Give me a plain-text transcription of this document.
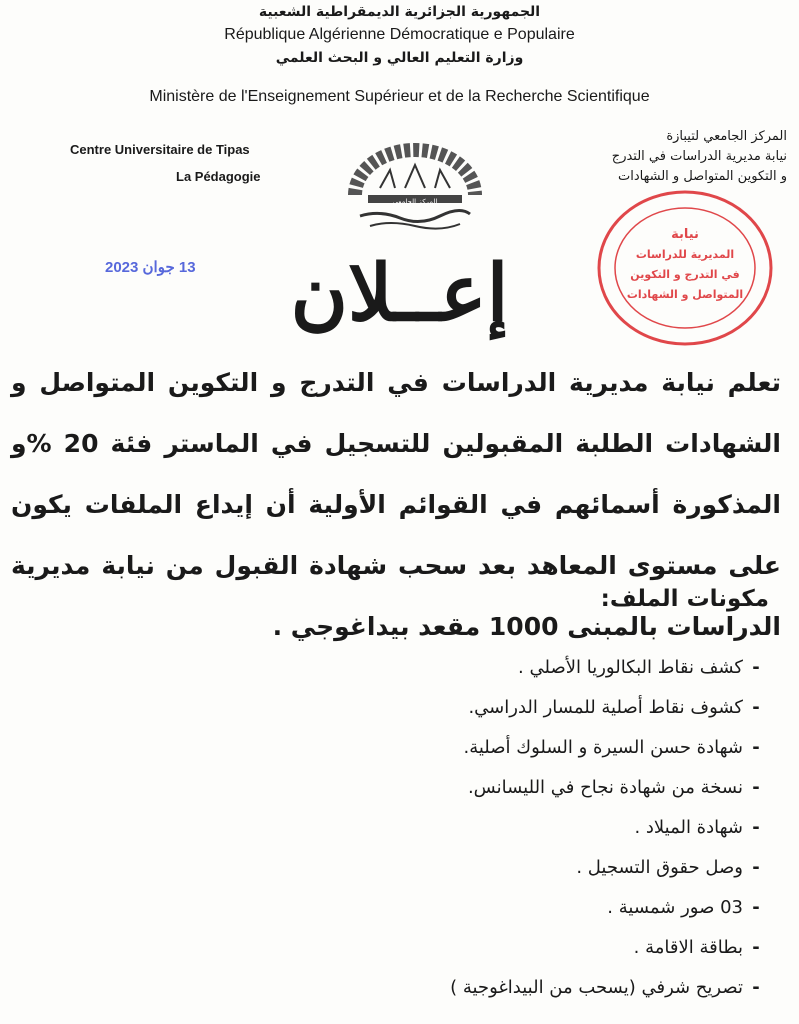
الجمهورية الجزائرية الديمقراطية الشعبية
République Algérienne Démocratique e Populaire
وزارة التعليم العالي و البحث العلمي
Ministère de l'Enseignement Supérieur et de la Recherche Scientifique
Centre Universitaire de Tipas
La Pédagogie
المركز الجامعي لتيبازة
نيابة مديرية الدراسات في التدرج
و التكوين المتواصل و الشهادات
المركز الجامعي
13 جوان 2023
نيابة
المديرية للدراسات
في التدرج و التكوين
المتواصل و الشهادات
إعــلان
تعلم نيابة مديرية الدراسات في التدرج و التكوين المتواصل و الشهادات الطلبة المقبولين للتسجيل في الماستر فئة 20 %و المذكورة أسمائهم في القوائم الأولية أن إيداع الملفات يكون على مستوى المعاهد بعد سحب شهادة القبول من نيابة مديرية الدراسات بالمبنى 1000 مقعد بيداغوجي .
مكونات الملف:
-
كشف نقاط البكالوريا الأصلي .
-
كشوف نقاط أصلية للمسار الدراسي.
-
شهادة حسن السيرة و السلوك أصلية.
-
نسخة من شهادة نجاح في الليسانس.
-
شهادة الميلاد .
-
وصل حقوق التسجيل .
-
03 صور شمسية .
-
بطاقة الاقامة .
-
تصريح شرفي (يسحب من البيداغوجية )
